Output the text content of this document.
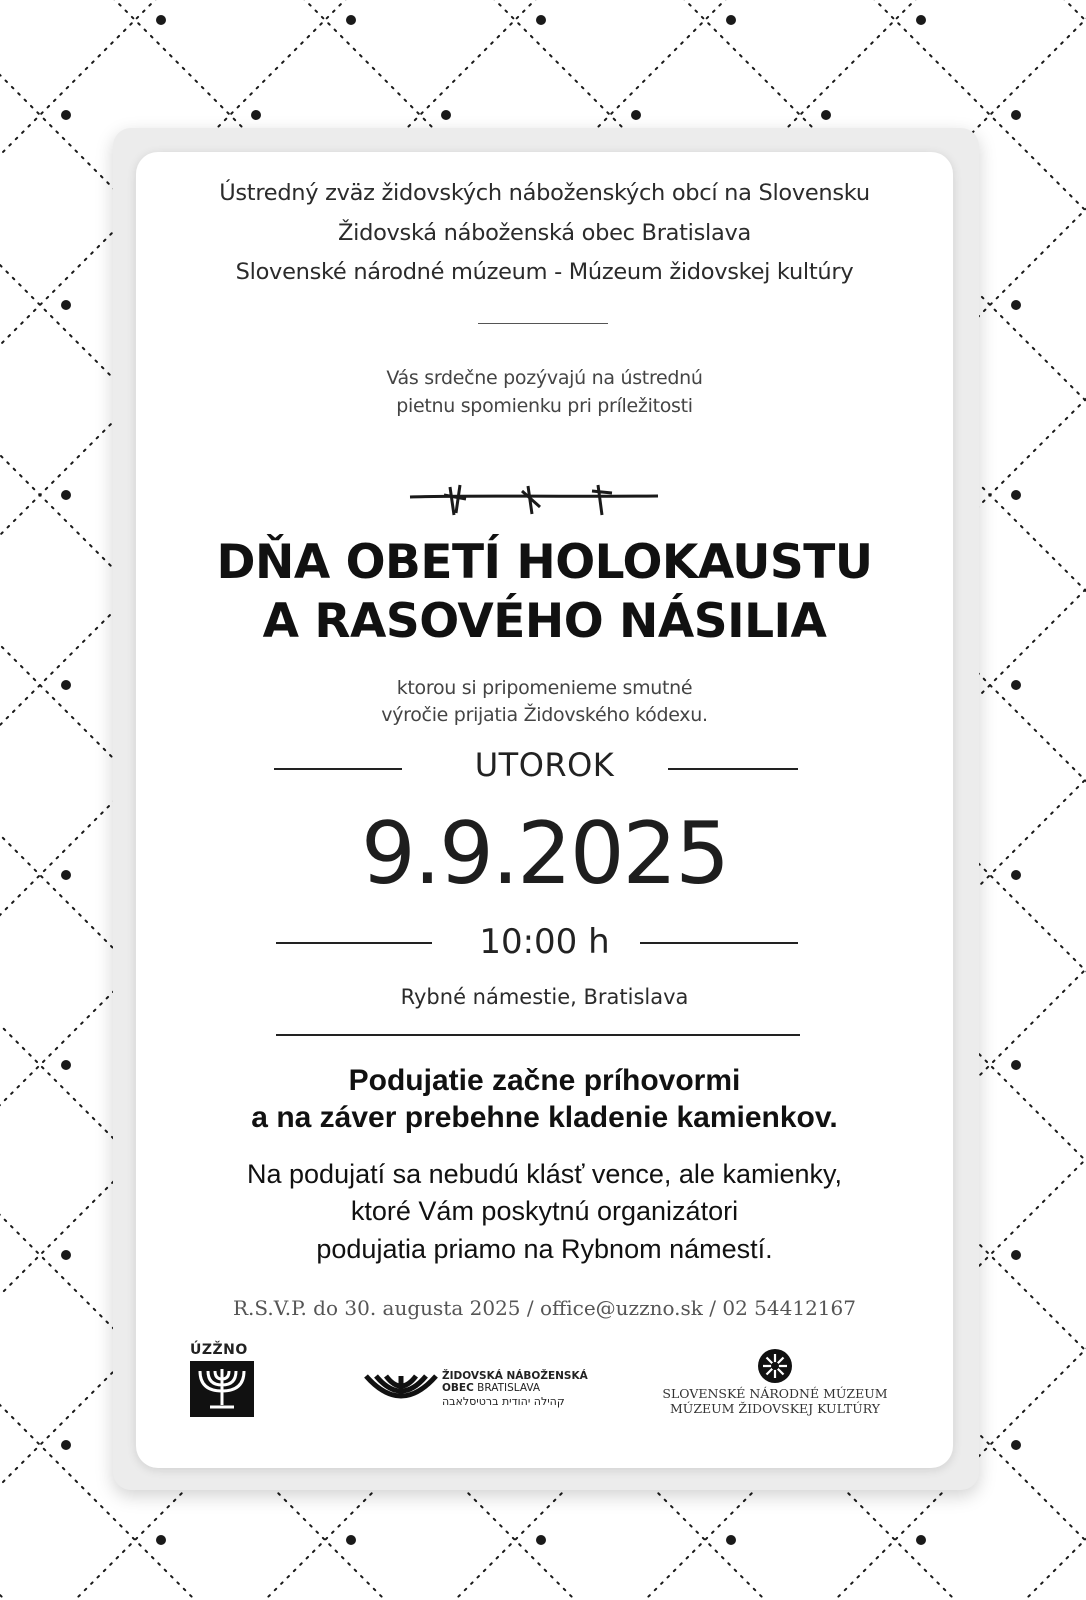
Ústredný zväz židovských náboženských obcí na Slovensku
Židovská náboženská obec Bratislava
Slovenské národné múzeum - Múzeum židovskej kultúry
Vás srdečne pozývajú na ústrednú
pietnu spomienku pri príležitosti
DŇA OBETÍ HOLOKAUSTU
A RASOVÉHO NÁSILIA
ktorou si pripomenieme smutné
výročie prijatia Židovského kódexu.
UTOROK
9.9.2025
10:00 h
Rybné námestie, Bratislava
Podujatie začne príhovormi
a na záver prebehne kladenie kamienkov.
Na podujatí sa nebudú klásť vence, ale kamienky,
ktoré Vám poskytnú organizátori
podujatia priamo na Rybnom námestí.
R.S.V.P. do 30. augusta 2025 / office@uzzno.sk / 02 54412167
ÚZŽNO
ŽIDOVSKÁ NÁBOŽENSKÁ
OBEC BRATISLAVA
קהילה יהודית ברטיסלאבה
SLOVENSKÉ NÁRODNÉ MÚZEUM
MÚZEUM ŽIDOVSKEJ KULTÚRY
